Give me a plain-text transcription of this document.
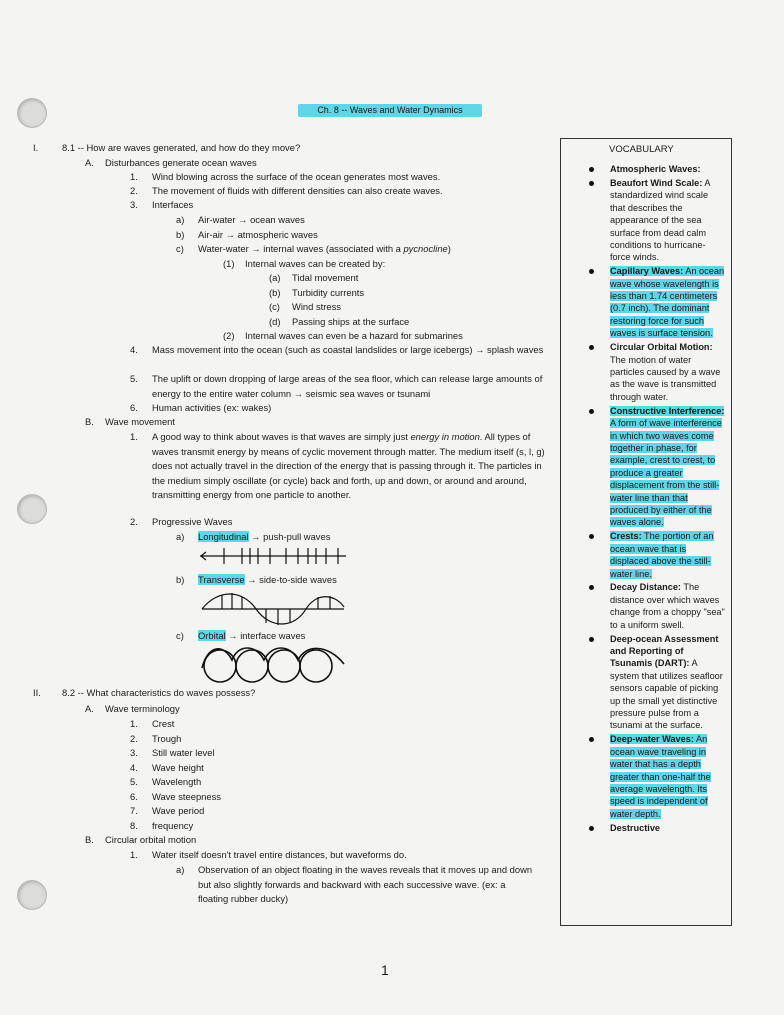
Ch. 8 -- Waves and Water Dynamics
I.	8.1 -- How are waves generated, and how do they move?
A. Disturbances generate ocean waves
1. Wind blowing across the surface of the ocean generates most waves.
2. The movement of fluids with different densities can also create waves.
3. Interfaces
a) Air-water → ocean waves
b) Air-air → atmospheric waves
c) Water-water → internal waves (associated with a pycnocline)
(1) Internal waves can be created by:
(a) Tidal movement
(b) Turbidity currents
(c) Wind stress
(d) Passing ships at the surface
(2) Internal waves can even be a hazard for submarines
4. Mass movement into the ocean (such as coastal landslides or large icebergs) → splash waves
5. The uplift or down dropping of large areas of the sea floor, which can release large amounts of energy to the entire water column → seismic sea waves or tsunami
6. Human activities (ex: wakes)
B. Wave movement
1. A good way to think about waves is that waves are simply just energy in motion. All types of waves transmit energy by means of cyclic movement through matter. The medium itself (s, l, g) does not actually travel in the direction of the energy that is passing through it. The particles in the medium simply oscillate (or cycle) back and forth, up and down, or around and around, transmitting energy from one particle to another.
2. Progressive Waves
a) Longitudinal → push-pull waves
b) Transverse → side-to-side waves
c) Orbital → interface waves
II. 8.2 -- What characteristics do waves possess?
A. Wave terminology
1. Crest
2. Trough
3. Still water level
4. Wave height
5. Wavelength
6. Wave steepness
7. Wave period
8. frequency
B. Circular orbital motion
1. Water itself doesn't travel entire distances, but waveforms do.
a) Observation of an object floating in the waves reveals that it moves up and down but also slightly forwards and backward with each successive wave. (ex: a floating rubber ducky)
VOCABULARY
Atmospheric Waves:
Beaufort Wind Scale: A standardized wind scale that describes the appearance of the sea surface from dead calm conditions to hurricane-force winds.
Capillary Waves: An ocean wave whose wavelength is less than 1.74 centimeters (0.7 inch). The dominant restoring force for such waves is surface tension.
Circular Orbital Motion: The motion of water particles caused by a wave as the wave is transmitted through water.
Constructive Interference: A form of wave interference in which two waves come together in phase, for example, crest to crest, to produce a greater displacement from the still-water line than that produced by either of the waves alone.
Crests: The portion of an ocean wave that is displaced above the still-water line.
Decay Distance: The distance over which waves change from a choppy "sea" to a uniform swell.
Deep-ocean Assessment and Reporting of Tsunamis (DART): A system that utilizes seafloor sensors capable of picking up the small yet distinctive pressure pulse from a tsunami at the surface.
Deep-water Waves: An ocean wave traveling in water that has a depth greater than one-half the average wavelength. Its speed is independent of water depth.
Destructive
1
